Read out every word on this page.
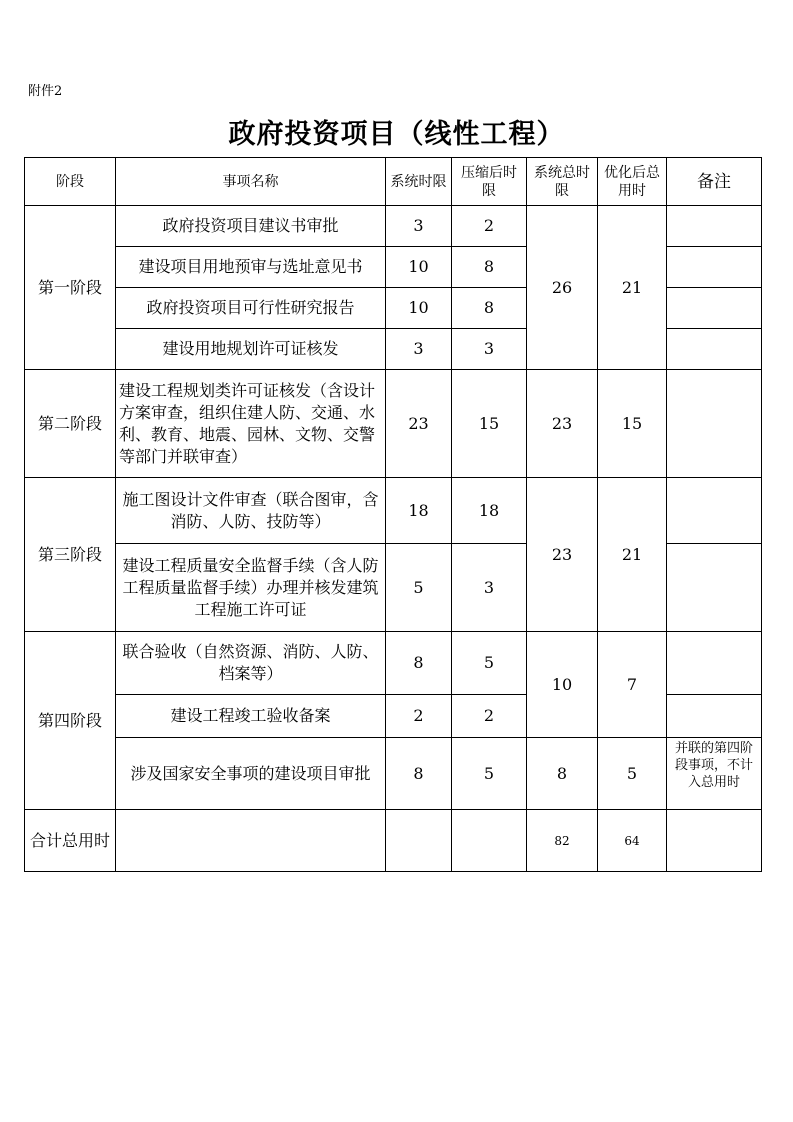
附件2
政府投资项目（线性工程）
阶段	事项名称	系统时限	压缩后时限	系统总时限	优化后总用时	备注
第一阶段	政府投资项目建议书审批	3	2	26	21	
	建设项目用地预审与选址意见书	10	8			
	政府投资项目可行性研究报告	10	8			
	建设用地规划许可证核发	3	3			
第二阶段	建设工程规划类许可证核发（含设计方案审查，组织住建人防、交通、水利、教育、地震、园林、文物、交警等部门并联审查）	23	15	23	15	
第三阶段	施工图设计文件审查（联合图审，含消防、人防、技防等）	18	18	23	21	
	建设工程质量安全监督手续（含人防工程质量监督手续）办理并核发建筑工程施工许可证	5	3			
第四阶段	联合验收（自然资源、消防、人防、档案等）	8	5	10	7	
	建设工程竣工验收备案	2	2			
	涉及国家安全事项的建设项目审批	8	5	8	5	并联的第四阶段事项，不计入总用时

合计总用时				82	64	
